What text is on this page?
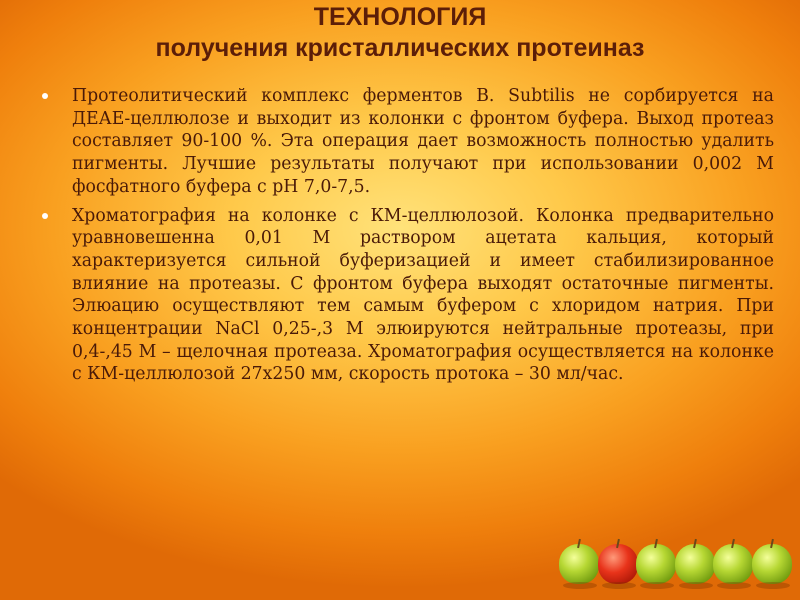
ТЕХНОЛОГИЯ
получения кристаллических протеиназ
Протеолитический комплекс ферментов B. Subtilis не сорбируется на ДЕАЕ-целлюлозе и выходит из колонки с фронтом буфера. Выход протеаз составляет 90-100 %. Эта операция дает возможность полностью удалить пигменты. Лучшие результаты получают при использовании 0,002 М фосфатного буфера с pH 7,0-7,5.
Хроматография на колонке с КМ-целлюлозой. Колонка предварительно уравновешенна 0,01 М раствором ацетата кальция, который характеризуется сильной буферизацией и имеет стабилизированное влияние на протеазы. С фронтом буфера выходят остаточные пигменты. Элюацию осуществляют тем самым буфером с хлоридом натрия. При концентрации NaCl 0,25-,3 М элюируются нейтральные протеазы, при 0,4-,45 М – щелочная протеаза. Хроматография осуществляется на колонке с КМ-целлюлозой 27х250 мм, скорость протока – 30 мл/час.
